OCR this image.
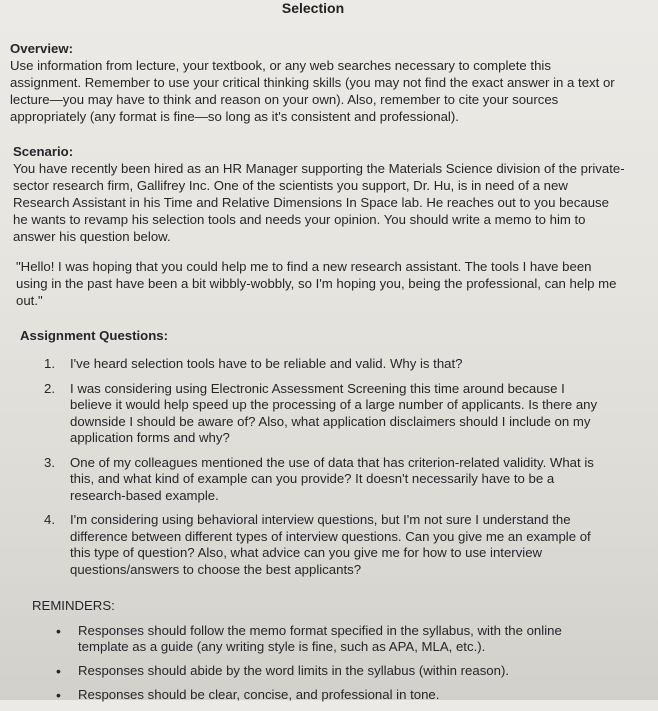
Selection
Overview:
Use information from lecture, your textbook, or any web searches necessary to complete this assignment. Remember to use your critical thinking skills (you may not find the exact answer in a text or lecture—you may have to think and reason on your own). Also, remember to cite your sources appropriately (any format is fine—so long as it's consistent and professional).
Scenario:
You have recently been hired as an HR Manager supporting the Materials Science division of the private-sector research firm, Gallifrey Inc. One of the scientists you support, Dr. Hu, is in need of a new Research Assistant in his Time and Relative Dimensions In Space lab. He reaches out to you because he wants to revamp his selection tools and needs your opinion. You should write a memo to him to answer his question below.
"Hello! I was hoping that you could help me to find a new research assistant. The tools I have been using in the past have been a bit wibbly-wobbly, so I'm hoping you, being the professional, can help me out."
Assignment Questions:
1. I've heard selection tools have to be reliable and valid. Why is that?
2. I was considering using Electronic Assessment Screening this time around because I believe it would help speed up the processing of a large number of applicants. Is there any downside I should be aware of? Also, what application disclaimers should I include on my application forms and why?
3. One of my colleagues mentioned the use of data that has criterion-related validity. What is this, and what kind of example can you provide? It doesn't necessarily have to be a research-based example.
4. I'm considering using behavioral interview questions, but I'm not sure I understand the difference between different types of interview questions. Can you give me an example of this type of question? Also, what advice can you give me for how to use interview questions/answers to choose the best applicants?
REMINDERS:
• Responses should follow the memo format specified in the syllabus, with the online template as a guide (any writing style is fine, such as APA, MLA, etc.).
• Responses should abide by the word limits in the syllabus (within reason).
• Responses should be clear, concise, and professional in tone.
